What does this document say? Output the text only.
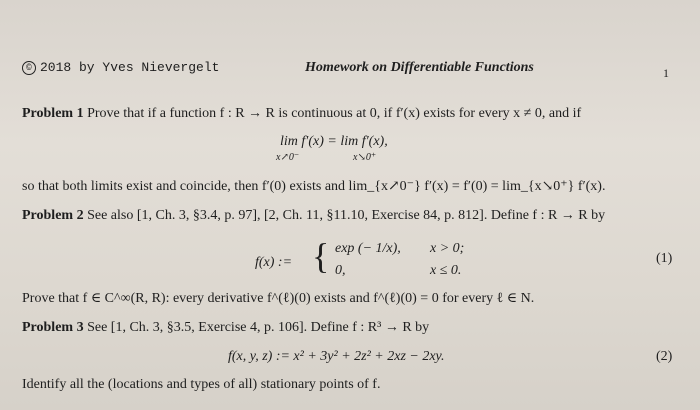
© 2018 by Yves Nievergelt	Homework on Differentiable Functions	1
Problem 1 Prove that if a function f : R → R is continuous at 0, if f′(x) exists for every x ≠ 0, and if
lim f′(x) = lim f′(x),
x↗0⁻	x↘0⁺
so that both limits exist and coincide, then f′(0) exists and lim_{x↗0⁻} f′(x) = f′(0) = lim_{x↘0⁺} f′(x).
Problem 2 See also [1, Ch. 3, §3.4, p. 97], [2, Ch. 11, §11.10, Exercise 84, p. 812]. Define f : R → R by
f(x) := { exp (− 1/x), x > 0;
0,	x ≤ 0.
(1)
Prove that f ∈ C^∞(R, R): every derivative f^(ℓ)(0) exists and f^(ℓ)(0) = 0 for every ℓ ∈ N.
Problem 3 See [1, Ch. 3, §3.5, Exercise 4, p. 106]. Define f : R³ → R by
f(x, y, z) := x² + 3y² + 2z² + 2xz − 2xy.	(2)
Identify all the (locations and types of all) stationary points of f.
